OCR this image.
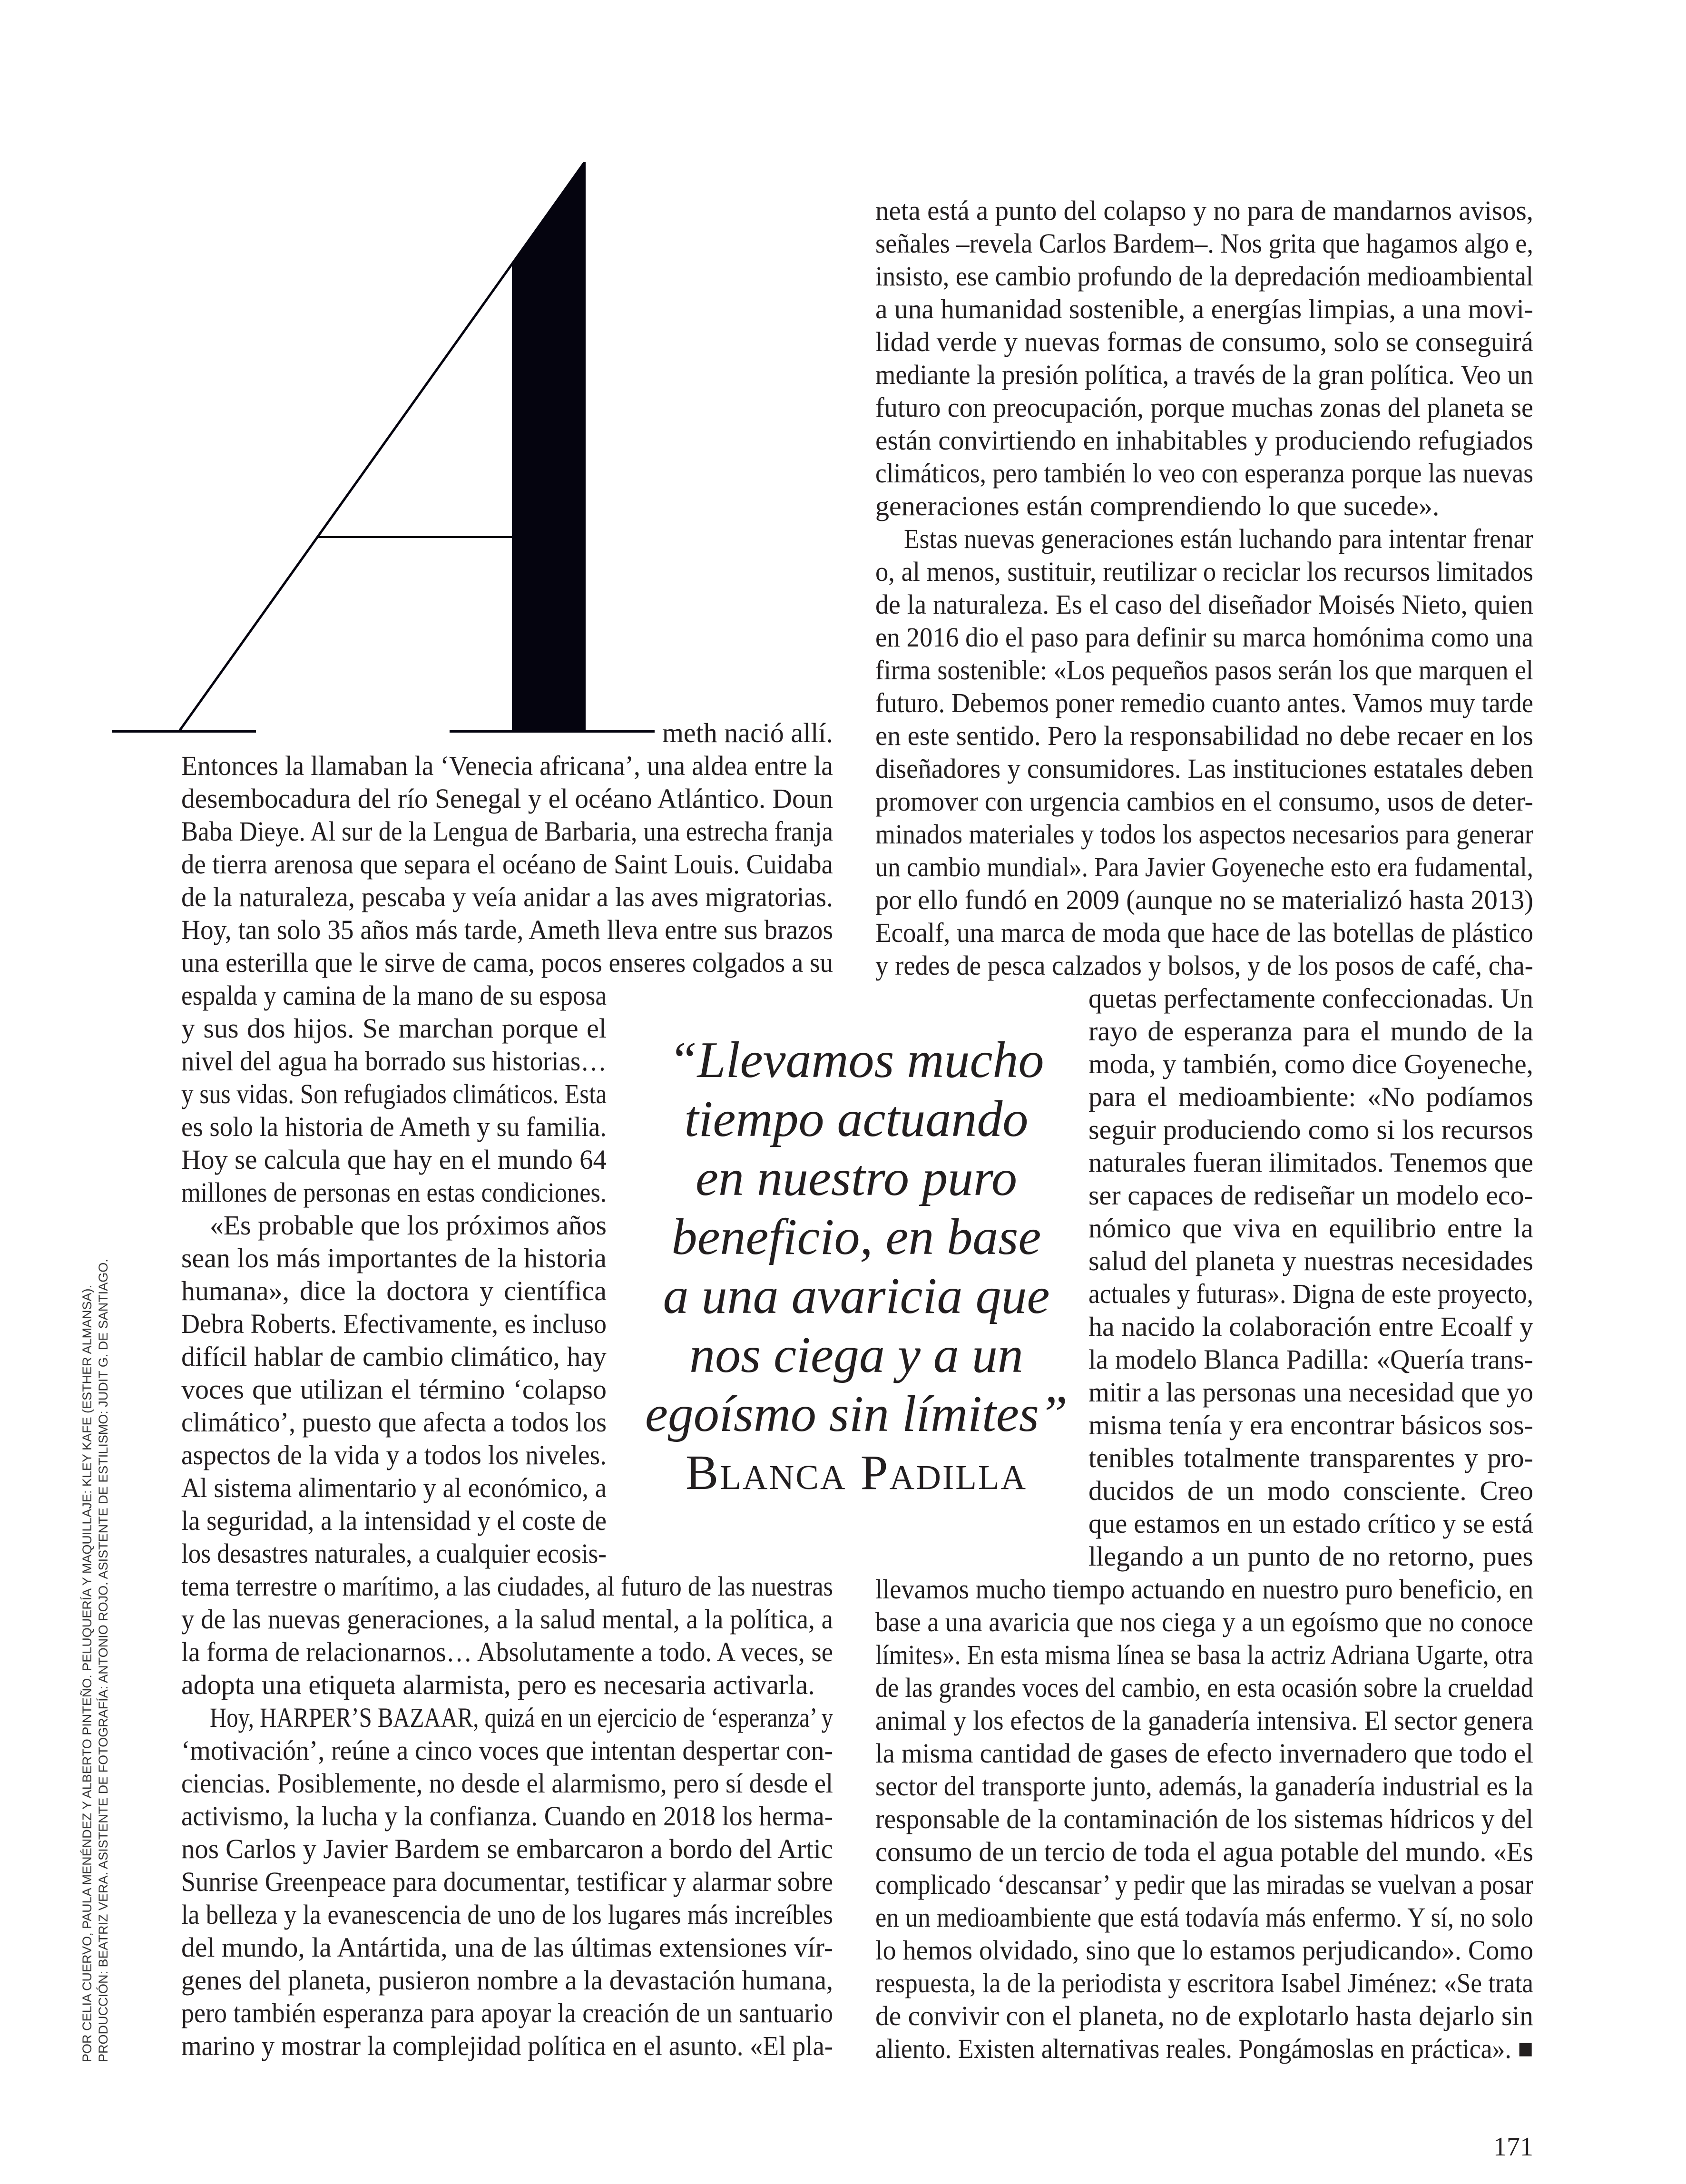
POR CELIA CUERVO, PAULA MENÉNDEZ Y ALBERTO PINTEÑO. PELUQUERÍA Y MAQUILLAJE: KLEY KAFE (ESTHER ALMANSA). PRODUCCIÓN: BEATRIZ VERA. ASISTENTE DE FOTOGRAFÍA: ANTONIO ROJO. ASISTENTE DE ESTILISMO: JUDIT G. DE SANTIAGO.
meth nació allí.
Entonces la llamaban la ‘Venecia africana’, una aldea entre la
desembocadura del río Senegal y el océano Atlántico. Doun
Baba Dieye. Al sur de la Lengua de Barbaria, una estrecha franja
de tierra arenosa que separa el océano de Saint Louis. Cuidaba
de la naturaleza, pescaba y veía anidar a las aves migratorias.
Hoy, tan solo 35 años más tarde, Ameth lleva entre sus brazos
una esterilla que le sirve de cama, pocos enseres colgados a su
espalda y camina de la mano de su esposa
y sus dos hijos. Se marchan porque el
nivel del agua ha borrado sus historias…
y sus vidas. Son refugiados climáticos. Esta
es solo la historia de Ameth y su familia.
Hoy se calcula que hay en el mundo 64
millones de personas en estas condiciones.
«Es probable que los próximos años
sean los más importantes de la historia
humana», dice la doctora y científica
Debra Roberts. Efectivamente, es incluso
difícil hablar de cambio climático, hay
voces que utilizan el término ‘colapso
climático’, puesto que afecta a todos los
aspectos de la vida y a todos los niveles.
Al sistema alimentario y al económico, a
la seguridad, a la intensidad y el coste de
los desastres naturales, a cualquier ecosis-
tema terrestre o marítimo, a las ciudades, al futuro de las nuestras
y de las nuevas generaciones, a la salud mental, a la política, a
la forma de relacionarnos… Absolutamente a todo. A veces, se
adopta una etiqueta alarmista, pero es necesaria activarla.
Hoy, HARPER’S BAZAAR, quizá en un ejercicio de ‘esperanza’ y
‘motivación’, reúne a cinco voces que intentan despertar con-
ciencias. Posiblemente, no desde el alarmismo, pero sí desde el
activismo, la lucha y la confianza. Cuando en 2018 los herma-
nos Carlos y Javier Bardem se embarcaron a bordo del Artic
Sunrise Greenpeace para documentar, testificar y alarmar sobre
la belleza y la evanescencia de uno de los lugares más increíbles
del mundo, la Antártida, una de las últimas extensiones vír-
genes del planeta, pusieron nombre a la devastación humana,
pero también esperanza para apoyar la creación de un santuario
marino y mostrar la complejidad política en el asunto. «El pla-
neta está a punto del colapso y no para de mandarnos avisos,
señales –revela Carlos Bardem–. Nos grita que hagamos algo e,
insisto, ese cambio profundo de la depredación medioambiental
a una humanidad sostenible, a energías limpias, a una movi-
lidad verde y nuevas formas de consumo, solo se conseguirá
mediante la presión política, a través de la gran política. Veo un
futuro con preocupación, porque muchas zonas del planeta se
están convirtiendo en inhabitables y produciendo refugiados
climáticos, pero también lo veo con esperanza porque las nuevas
generaciones están comprendiendo lo que sucede».
Estas nuevas generaciones están luchando para intentar frenar
o, al menos, sustituir, reutilizar o reciclar los recursos limitados
de la naturaleza. Es el caso del diseñador Moisés Nieto, quien
en 2016 dio el paso para definir su marca homónima como una
firma sostenible: «Los pequeños pasos serán los que marquen el
futuro. Debemos poner remedio cuanto antes. Vamos muy tarde
en este sentido. Pero la responsabilidad no debe recaer en los
diseñadores y consumidores. Las instituciones estatales deben
promover con urgencia cambios en el consumo, usos de deter-
minados materiales y todos los aspectos necesarios para generar
un cambio mundial». Para Javier Goyeneche esto era fudamental,
por ello fundó en 2009 (aunque no se materializó hasta 2013)
Ecoalf, una marca de moda que hace de las botellas de plástico
y redes de pesca calzados y bolsos, y de los posos de café, cha-
quetas perfectamente confeccionadas. Un
rayo de esperanza para el mundo de la
moda, y también, como dice Goyeneche,
para el medioambiente: «No podíamos
seguir produciendo como si los recursos
naturales fueran ilimitados. Tenemos que
ser capaces de rediseñar un modelo eco-
nómico que viva en equilibrio entre la
salud del planeta y nuestras necesidades
actuales y futuras». Digna de este proyecto,
ha nacido la colaboración entre Ecoalf y
la modelo Blanca Padilla: «Quería trans-
mitir a las personas una necesidad que yo
misma tenía y era encontrar básicos sos-
tenibles totalmente transparentes y pro-
ducidos de un modo consciente. Creo
que estamos en un estado crítico y se está
llegando a un punto de no retorno, pues
llevamos mucho tiempo actuando en nuestro puro beneficio, en
base a una avaricia que nos ciega y a un egoísmo que no conoce
límites». En esta misma línea se basa la actriz Adriana Ugarte, otra
de las grandes voces del cambio, en esta ocasión sobre la crueldad
animal y los efectos de la ganadería intensiva. El sector genera
la misma cantidad de gases de efecto invernadero que todo el
sector del transporte junto, además, la ganadería industrial es la
responsable de la contaminación de los sistemas hídricos y del
consumo de un tercio de toda el agua potable del mundo. «Es
complicado ‘descansar’ y pedir que las miradas se vuelvan a posar
en un medioambiente que está todavía más enfermo. Y sí, no solo
lo hemos olvidado, sino que lo estamos perjudicando». Como
respuesta, la de la periodista y escritora Isabel Jiménez: «Se trata
de convivir con el planeta, no de explotarlo hasta dejarlo sin
aliento. Existen alternativas reales. Pongámoslas en práctica». ■
“Llevamos mucho
tiempo actuando
en nuestro puro
beneficio, en base
a una avaricia que
nos ciega y a un
egoísmo sin límites”
Blanca Padilla
171
